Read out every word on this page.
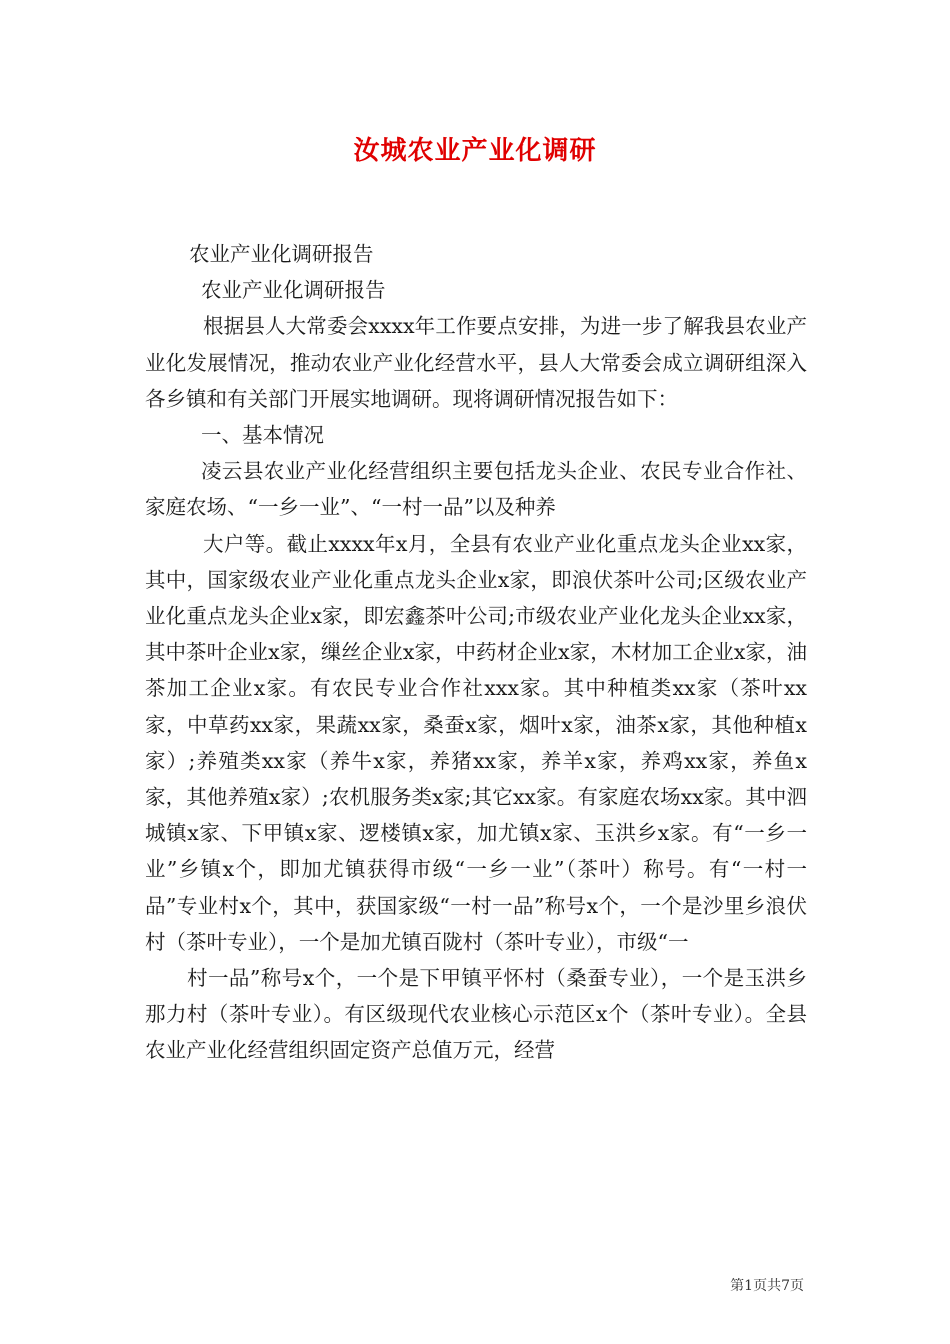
汝城农业产业化调研

农业产业化调研报告

农业产业化调研报告

根据县人大常委会xxxx年工作要点安排，为进一步了解我县农业产业化发展情况，推动农业产业化经营水平，县人大常委会成立调研组深入各乡镇和有关部门开展实地调研。现将调研情况报告如下：

一、基本情况

凌云县农业产业化经营组织主要包括龙头企业、农民专业合作社、家庭农场、“一乡一业”、“一村一品”以及种养

大户等。截止xxxx年x月，全县有农业产业化重点龙头企业xx家，其中，国家级农业产业化重点龙头企业x家，即浪伏茶叶公司;区级农业产业化重点龙头企业x家，即宏鑫茶叶公司;市级农业产业化龙头企业xx家，其中茶叶企业x家，缫丝企业x家，中药材企业x家，木材加工企业x家，油茶加工企业x家。有农民专业合作社xxx家。其中种植类xx家（茶叶xx家，中草药xx家，果蔬xx家，桑蚕x家，烟叶x家，油茶x家，其他种植x家）;养殖类xx家（养牛x家，养猪xx家，养羊x家，养鸡xx家，养鱼x家，其他养殖x家）;农机服务类x家;其它xx家。有家庭农场xx家。其中泗城镇x家、下甲镇x家、逻楼镇x家，加尤镇x家、玉洪乡x家。有“一乡一业”乡镇x个，即加尤镇获得市级“一乡一业”（茶叶）称号。有“一村一品”专业村x个，其中，获国家级“一村一品”称号x个，一个是沙里乡浪伏村（茶叶专业），一个是加尤镇百陇村（茶叶专业），市级“一

村一品”称号x个，一个是下甲镇平怀村（桑蚕专业），一个是玉洪乡那力村（茶叶专业）。有区级现代农业核心示范区x个（茶叶专业）。全县农业产业化经营组织固定资产总值万元，经营

第1页共7页
